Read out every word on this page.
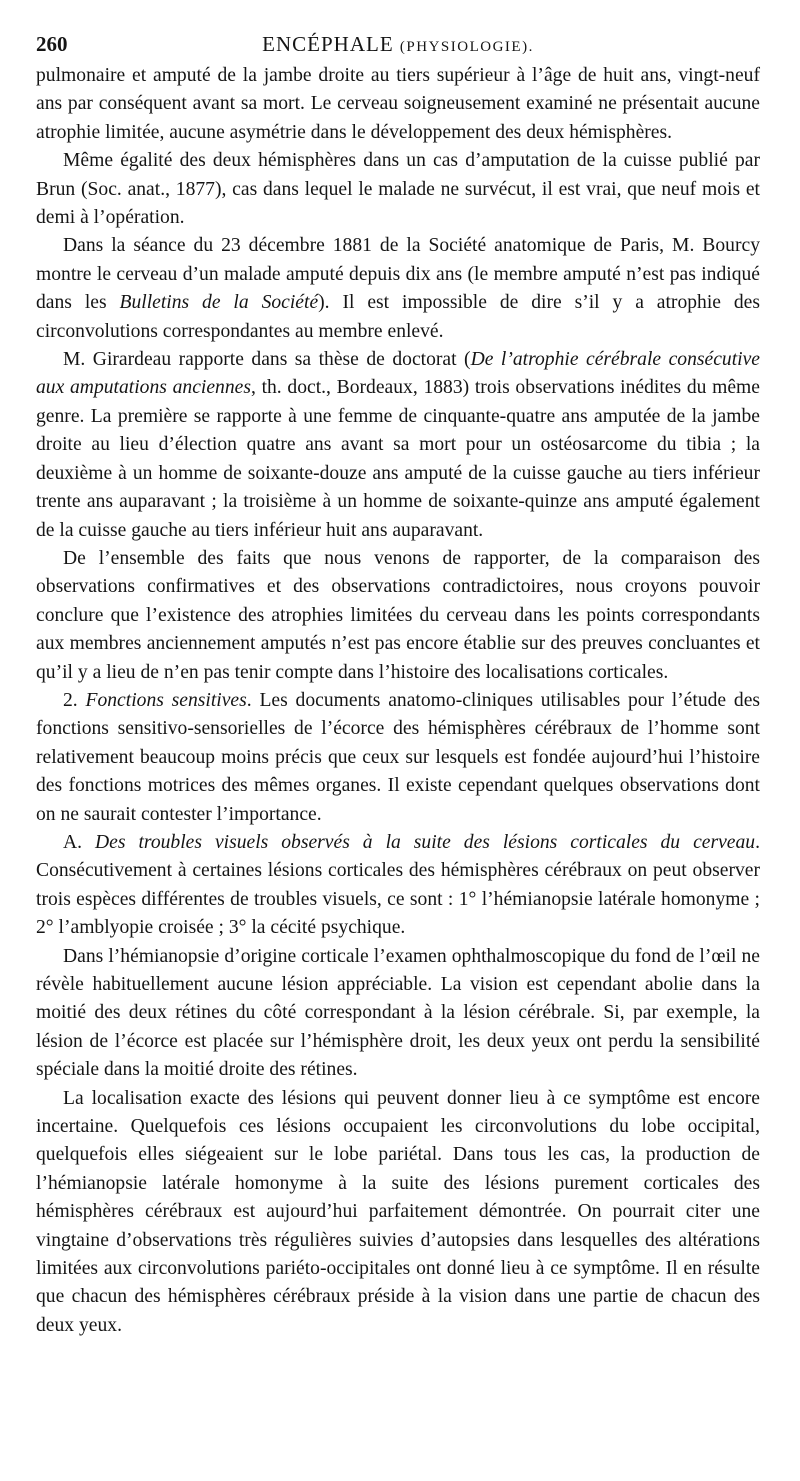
260	ENCÉPHALE (PHYSIOLOGIE).

pulmonaire et amputé de la jambe droite au tiers supérieur à l’âge de huit ans, vingt-neuf ans par conséquent avant sa mort. Le cerveau soigneusement examiné ne présentait aucune atrophie limitée, aucune asymétrie dans le développement des deux hémisphères.

Même égalité des deux hémisphères dans un cas d’amputation de la cuisse publié par Brun (Soc. anat., 1877), cas dans lequel le malade ne survécut, il est vrai, que neuf mois et demi à l’opération.

Dans la séance du 23 décembre 1881 de la Société anatomique de Paris, M. Bourcy montre le cerveau d’un malade amputé depuis dix ans (le membre amputé n’est pas indiqué dans les Bulletins de la Société). Il est impossible de dire s’il y a atrophie des circonvolutions correspondantes au membre enlevé.

M. Girardeau rapporte dans sa thèse de doctorat (De l’atrophie cérébrale consécutive aux amputations anciennes, th. doct., Bordeaux, 1883) trois observations inédites du même genre. La première se rapporte à une femme de cinquante-quatre ans amputée de la jambe droite au lieu d’élection quatre ans avant sa mort pour un ostéosarcome du tibia ; la deuxième à un homme de soixante-douze ans amputé de la cuisse gauche au tiers inférieur trente ans auparavant ; la troisième à un homme de soixante-quinze ans amputé également de la cuisse gauche au tiers inférieur huit ans auparavant.

De l’ensemble des faits que nous venons de rapporter, de la comparaison des observations confirmatives et des observations contradictoires, nous croyons pouvoir conclure que l’existence des atrophies limitées du cerveau dans les points correspondants aux membres anciennement amputés n’est pas encore établie sur des preuves concluantes et qu’il y a lieu de n’en pas tenir compte dans l’histoire des localisations corticales.

2. Fonctions sensitives. Les documents anatomo-cliniques utilisables pour l’étude des fonctions sensitivo-sensorielles de l’écorce des hémisphères cérébraux de l’homme sont relativement beaucoup moins précis que ceux sur lesquels est fondée aujourd’hui l’histoire des fonctions motrices des mêmes organes. Il existe cependant quelques observations dont on ne saurait contester l’importance.

A. Des troubles visuels observés à la suite des lésions corticales du cerveau. Consécutivement à certaines lésions corticales des hémisphères cérébraux on peut observer trois espèces différentes de troubles visuels, ce sont : 1° l’hémianopsie latérale homonyme ; 2° l’amblyopie croisée ; 3° la cécité psychique.

Dans l’hémianopsie d’origine corticale l’examen ophthalmoscopique du fond de l’œil ne révèle habituellement aucune lésion appréciable. La vision est cependant abolie dans la moitié des deux rétines du côté correspondant à la lésion cérébrale. Si, par exemple, la lésion de l’écorce est placée sur l’hémisphère droit, les deux yeux ont perdu la sensibilité spéciale dans la moitié droite des rétines.

La localisation exacte des lésions qui peuvent donner lieu à ce symptôme est encore incertaine. Quelquefois ces lésions occupaient les circonvolutions du lobe occipital, quelquefois elles siégeaient sur le lobe pariétal. Dans tous les cas, la production de l’hémianopsie latérale homonyme à la suite des lésions purement corticales des hémisphères cérébraux est aujourd’hui parfaitement démontrée. On pourrait citer une vingtaine d’observations très régulières suivies d’autopsies dans lesquelles des altérations limitées aux circonvolutions pariéto-occipitales ont donné lieu à ce symptôme. Il en résulte que chacun des hémisphères cérébraux préside à la vision dans une partie de chacun des deux yeux.
